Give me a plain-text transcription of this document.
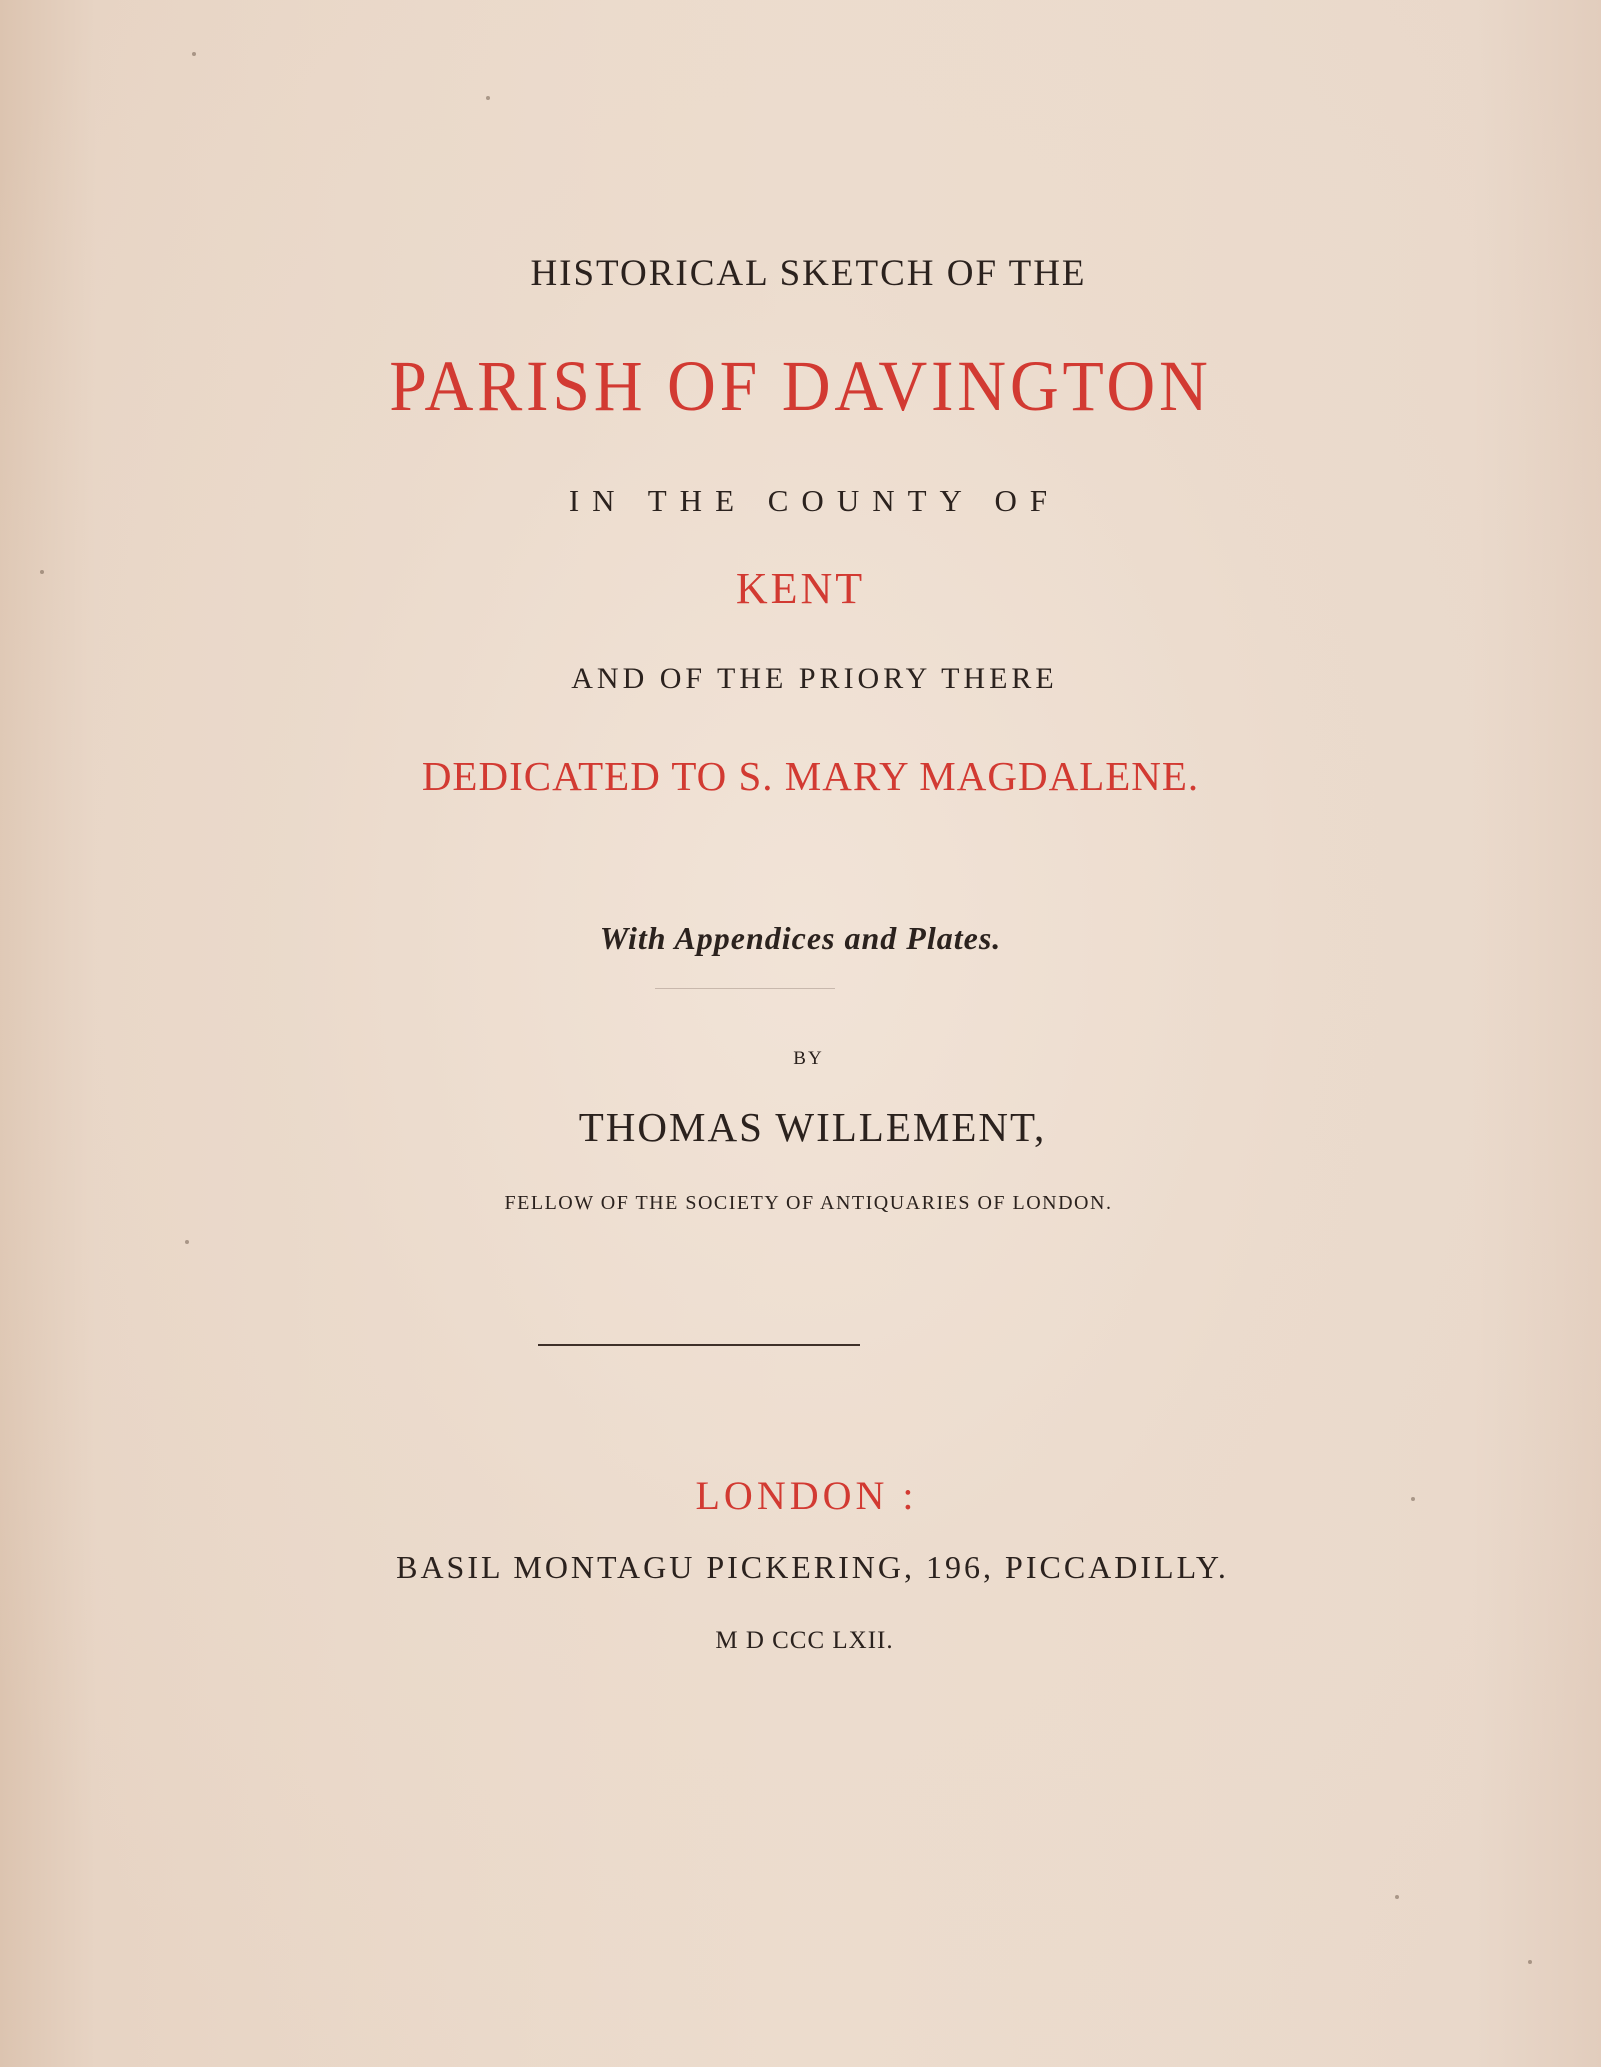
HISTORICAL SKETCH OF THE
PARISH OF DAVINGTON
IN THE COUNTY OF
KENT
AND OF THE PRIORY THERE
DEDICATED TO S. MARY MAGDALENE.
With Appendices and Plates.
BY
THOMAS WILLEMENT,
FELLOW OF THE SOCIETY OF ANTIQUARIES OF LONDON.
LONDON :
BASIL MONTAGU PICKERING, 196, PICCADILLY.
M D CCC LXII.
